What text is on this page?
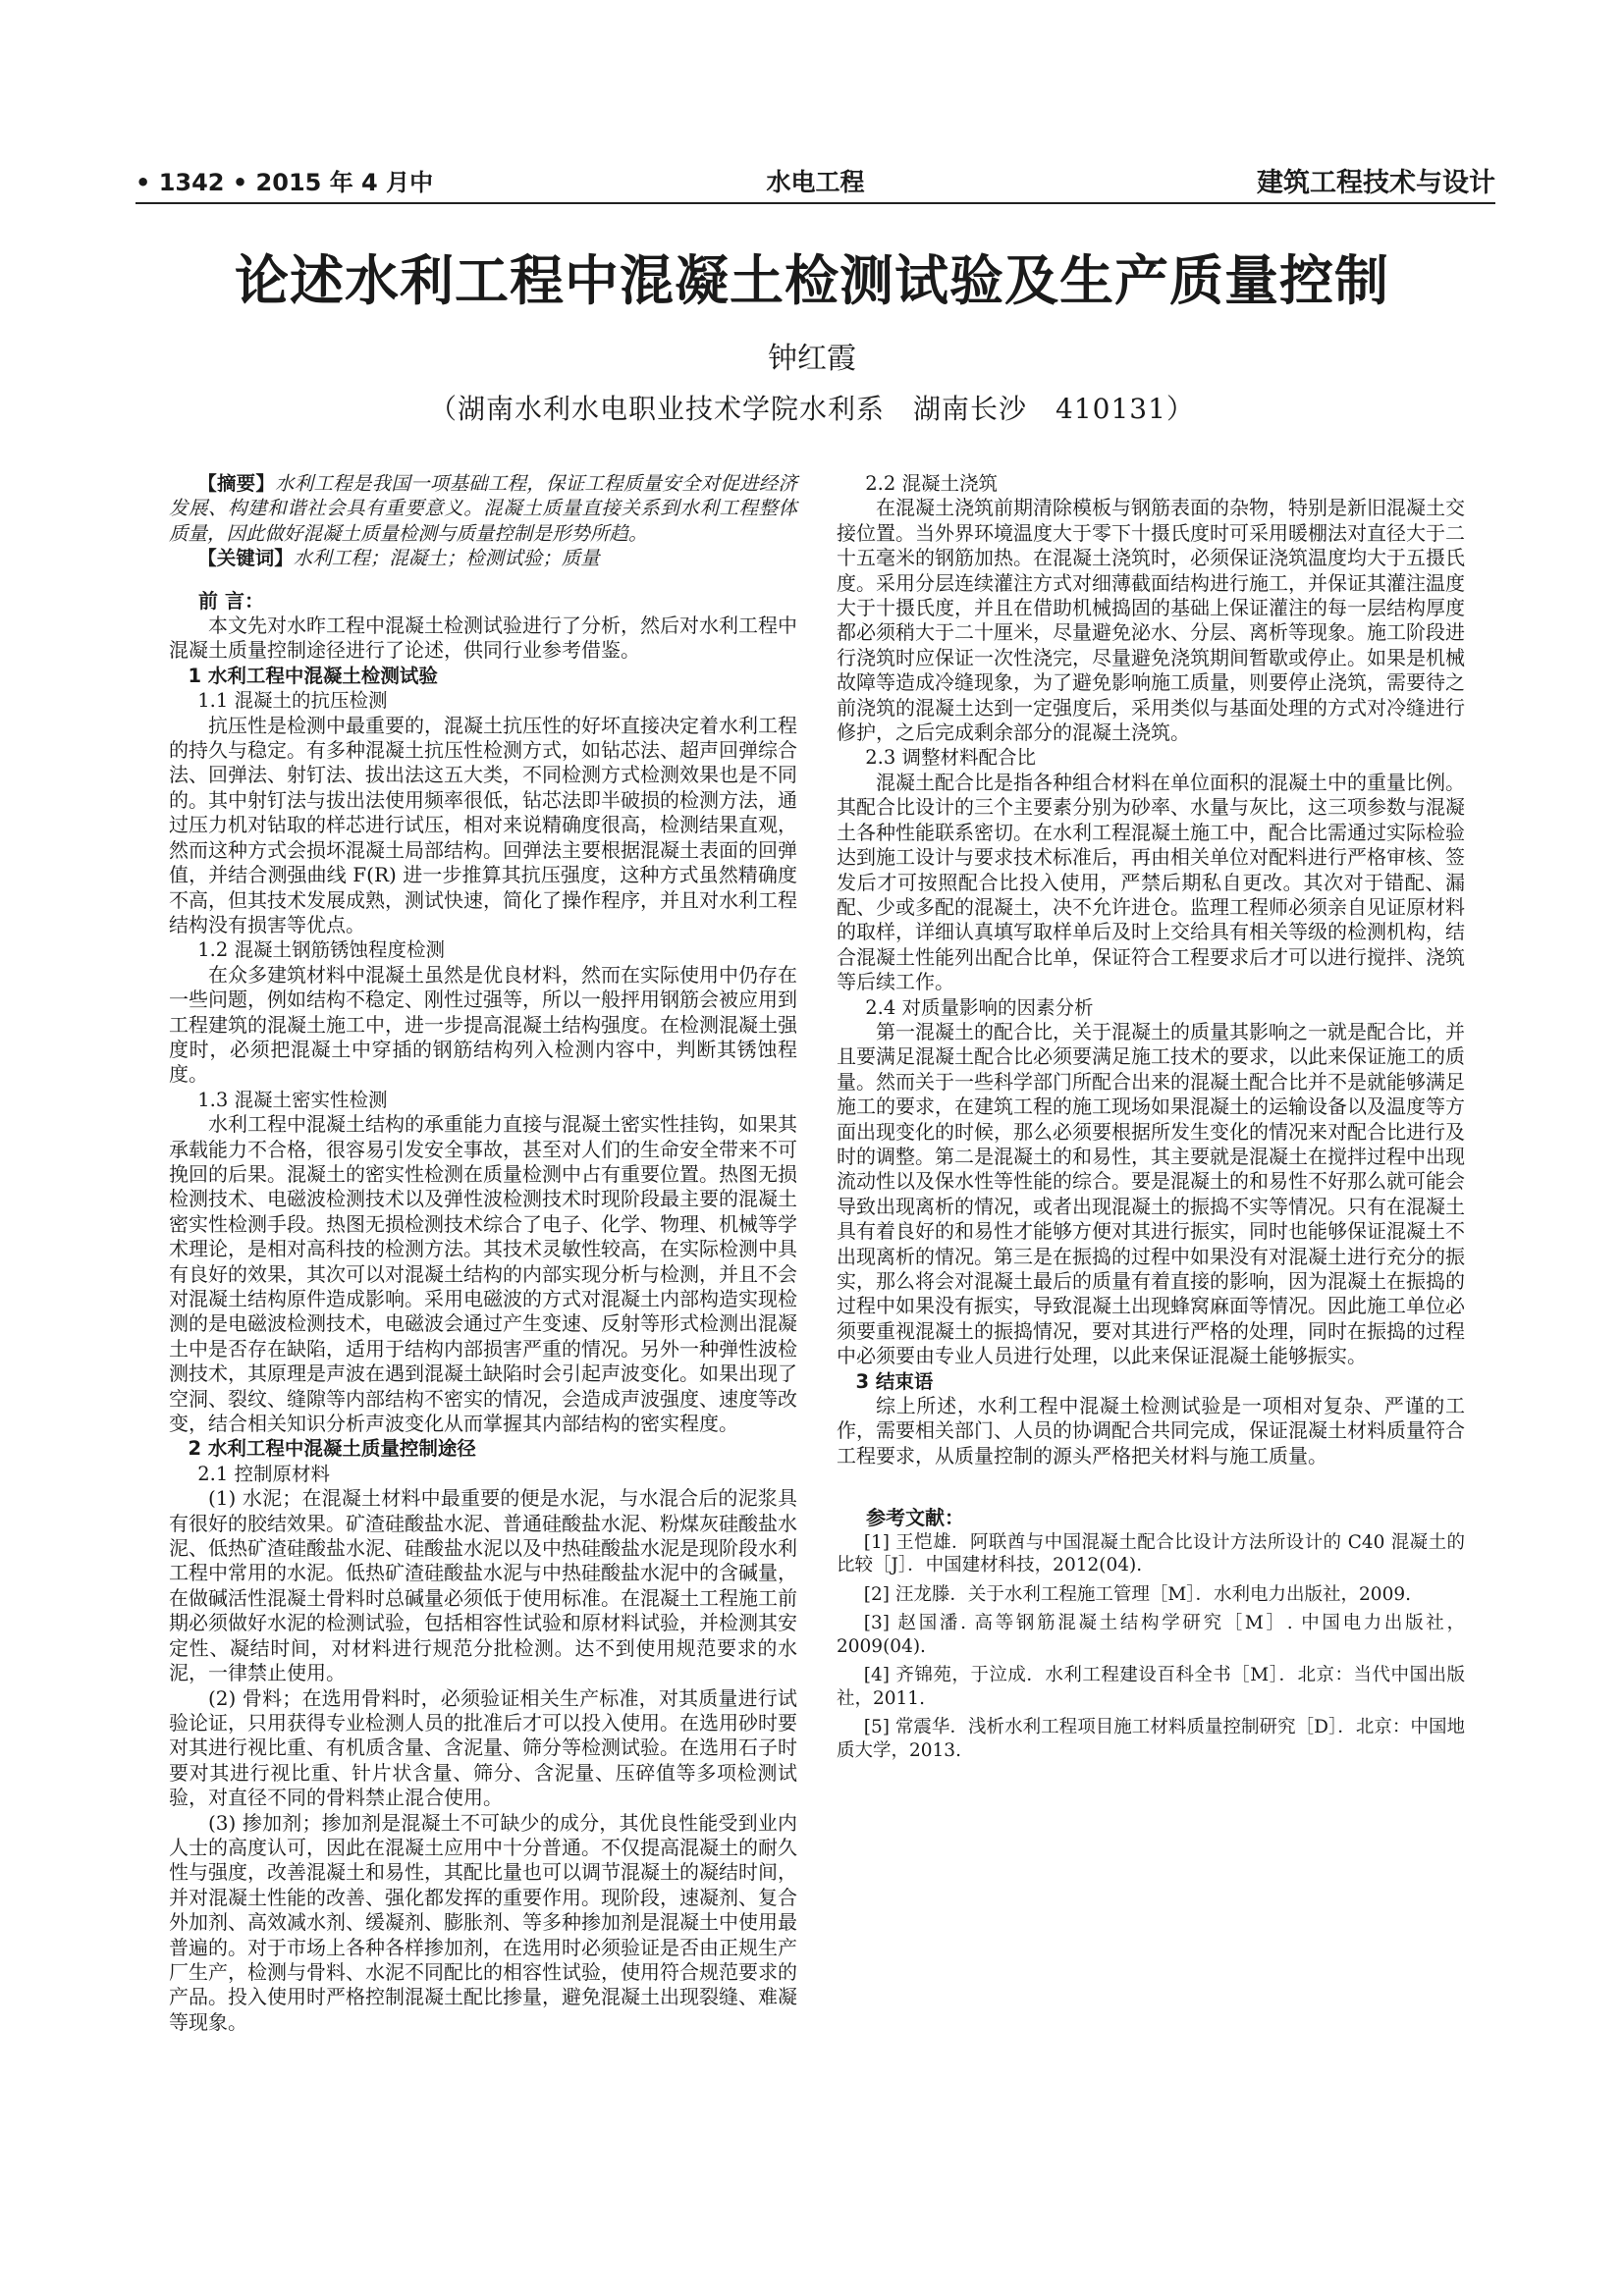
• 1342 • 2015 年 4 月中	水电工程	建筑工程技术与设计
论述水利工程中混凝土检测试验及生产质量控制
钟红霞
（湖南水利水电职业技术学院水利系　湖南长沙　410131）

【摘要】水利工程是我国一项基础工程，保证工程质量安全对促进经济发展、构建和谐社会具有重要意义。混凝土质量直接关系到水利工程整体质量，因此做好混凝土质量检测与质量控制是形势所趋。

【关键词】水利工程；混凝土；检测试验；质量

前 言：

本文先对水昨工程中混凝土检测试验进行了分析，然后对水利工程中混凝土质量控制途径进行了论述，供同行业参考借鉴。

1 水利工程中混凝土检测试验

1.1 混凝土的抗压检测

抗压性是检测中最重要的，混凝土抗压性的好坏直接决定着水利工程的持久与稳定。有多种混凝土抗压性检测方式，如钻芯法、超声回弹综合法、回弹法、射钉法、拔出法这五大类，不同检测方式检测效果也是不同的。其中射钉法与拔出法使用频率很低，钻芯法即半破损的检测方法，通过压力机对钻取的样芯进行试压，相对来说精确度很高，检测结果直观，然而这种方式会损坏混凝土局部结构。回弹法主要根据混凝土表面的回弹值，并结合测强曲线 F(R) 进一步推算其抗压强度，这种方式虽然精确度不高，但其技术发展成熟，测试快速，简化了操作程序，并且对水利工程结构没有损害等优点。

1.2 混凝土钢筋锈蚀程度检测

在众多建筑材料中混凝土虽然是优良材料，然而在实际使用中仍存在一些问题，例如结构不稳定、刚性过强等，所以一般抨用钢筋会被应用到工程建筑的混凝土施工中，进一步提高混凝土结构强度。在检测混凝土强度时，必须把混凝土中穿插的钢筋结构列入检测内容中，判断其锈蚀程度。

1.3 混凝土密实性检测

水利工程中混凝土结构的承重能力直接与混凝土密实性挂钩，如果其承载能力不合格，很容易引发安全事故，甚至对人们的生命安全带来不可挽回的后果。混凝土的密实性检测在质量检测中占有重要位置。热图无损检测技术、电磁波检测技术以及弹性波检测技术时现阶段最主要的混凝土密实性检测手段。热图无损检测技术综合了电子、化学、物理、机械等学术理论，是相对高科技的检测方法。其技术灵敏性较高，在实际检测中具有良好的效果，其次可以对混凝土结构的内部实现分析与检测，并且不会对混凝土结构原件造成影响。采用电磁波的方式对混凝土内部构造实现检测的是电磁波检测技术，电磁波会通过产生变速、反射等形式检测出混凝土中是否存在缺陷，适用于结构内部损害严重的情况。另外一种弹性波检测技术，其原理是声波在遇到混凝土缺陷时会引起声波变化。如果出现了空洞、裂纹、缝隙等内部结构不密实的情况，会造成声波强度、速度等改变，结合相关知识分析声波变化从而掌握其内部结构的密实程度。

2 水利工程中混凝土质量控制途径

2.1 控制原材料

(1) 水泥；在混凝土材料中最重要的便是水泥，与水混合后的泥浆具有很好的胶结效果。矿渣硅酸盐水泥、普通硅酸盐水泥、粉煤灰硅酸盐水泥、低热矿渣硅酸盐水泥、硅酸盐水泥以及中热硅酸盐水泥是现阶段水利工程中常用的水泥。低热矿渣硅酸盐水泥与中热硅酸盐水泥中的含碱量，在做碱活性混凝土骨料时总碱量必须低于使用标准。在混凝土工程施工前期必须做好水泥的检测试验，包括相容性试验和原材料试验，并检测其安定性、凝结时间，对材料进行规范分批检测。达不到使用规范要求的水泥，一律禁止使用。

(2) 骨料；在选用骨料时，必须验证相关生产标准，对其质量进行试验论证，只用获得专业检测人员的批准后才可以投入使用。在选用砂时要对其进行视比重、有机质含量、含泥量、筛分等检测试验。在选用石子时要对其进行视比重、针片状含量、筛分、含泥量、压碎值等多项检测试验，对直径不同的骨料禁止混合使用。

(3) 掺加剂；掺加剂是混凝土不可缺少的成分，其优良性能受到业内人士的高度认可，因此在混凝土应用中十分普通。不仅提高混凝土的耐久性与强度，改善混凝土和易性，其配比量也可以调节混凝土的凝结时间，并对混凝土性能的改善、强化都发挥的重要作用。现阶段，速凝剂、复合外加剂、高效减水剂、缓凝剂、膨胀剂、等多种掺加剂是混凝土中使用最普遍的。对于市场上各种各样掺加剂，在选用时必须验证是否由正规生产厂生产，检测与骨料、水泥不同配比的相容性试验，使用符合规范要求的产品。投入使用时严格控制混凝土配比掺量，避免混凝土出现裂缝、难凝等现象。

2.2 混凝土浇筑

在混凝土浇筑前期清除模板与钢筋表面的杂物，特别是新旧混凝土交接位置。当外界环境温度大于零下十摄氏度时可采用暖棚法对直径大于二十五毫米的钢筋加热。在混凝土浇筑时，必须保证浇筑温度均大于五摄氏度。采用分层连续灌注方式对细薄截面结构进行施工，并保证其灌注温度大于十摄氏度，并且在借助机械捣固的基础上保证灌注的每一层结构厚度都必须稍大于二十厘米，尽量避免泌水、分层、离析等现象。施工阶段进行浇筑时应保证一次性浇完，尽量避免浇筑期间暂歇或停止。如果是机械故障等造成冷缝现象，为了避免影响施工质量，则要停止浇筑，需要待之前浇筑的混凝土达到一定强度后，采用类似与基面处理的方式对冷缝进行修护，之后完成剩余部分的混凝土浇筑。

2.3 调整材料配合比

混凝土配合比是指各种组合材料在单位面积的混凝土中的重量比例。其配合比设计的三个主要素分别为砂率、水量与灰比，这三项参数与混凝土各种性能联系密切。在水利工程混凝土施工中，配合比需通过实际检验达到施工设计与要求技术标准后，再由相关单位对配料进行严格审核、签发后才可按照配合比投入使用，严禁后期私自更改。其次对于错配、漏配、少或多配的混凝土，决不允许进仓。监理工程师必须亲自见证原材料的取样，详细认真填写取样单后及时上交给具有相关等级的检测机构，结合混凝土性能列出配合比单，保证符合工程要求后才可以进行搅拌、浇筑等后续工作。

2.4 对质量影响的因素分析

第一混凝土的配合比，关于混凝土的质量其影响之一就是配合比，并且要满足混凝土配合比必须要满足施工技术的要求，以此来保证施工的质量。然而关于一些科学部门所配合出来的混凝土配合比并不是就能够满足施工的要求，在建筑工程的施工现场如果混凝土的运输设备以及温度等方面出现变化的时候，那么必须要根据所发生变化的情况来对配合比进行及时的调整。第二是混凝土的和易性，其主要就是混凝土在搅拌过程中出现流动性以及保水性等性能的综合。要是混凝土的和易性不好那么就可能会导致出现离析的情况，或者出现混凝土的振捣不实等情况。只有在混凝土具有着良好的和易性才能够方便对其进行振实，同时也能够保证混凝土不出现离析的情况。第三是在振捣的过程中如果没有对混凝土进行充分的振实，那么将会对混凝土最后的质量有着直接的影响，因为混凝土在振捣的过程中如果没有振实，导致混凝土出现蜂窝麻面等情况。因此施工单位必须要重视混凝土的振捣情况，要对其进行严格的处理，同时在振捣的过程中必须要由专业人员进行处理，以此来保证混凝土能够振实。

3 结束语

综上所述，水利工程中混凝土检测试验是一项相对复杂、严谨的工作，需要相关部门、人员的协调配合共同完成，保证混凝土材料质量符合工程要求，从质量控制的源头严格把关材料与施工质量。

参考文献：

[1] 王恺雄．阿联酋与中国混凝土配合比设计方法所设计的 C40 混凝土的比较［J］．中国建材科技，2012(04).

[2] 汪龙滕．关于水利工程施工管理［M］．水利电力出版社，2009.

[3] 赵国潘. 高等钢筋混凝土结构学研究［M］. 中国电力出版社，2009(04).

[4] 齐锦苑，于泣成．水利工程建设百科全书［M］．北京：当代中国出版社，2011.

[5] 常震华．浅析水利工程项目施工材料质量控制研究［D］．北京：中国地质大学，2013.
